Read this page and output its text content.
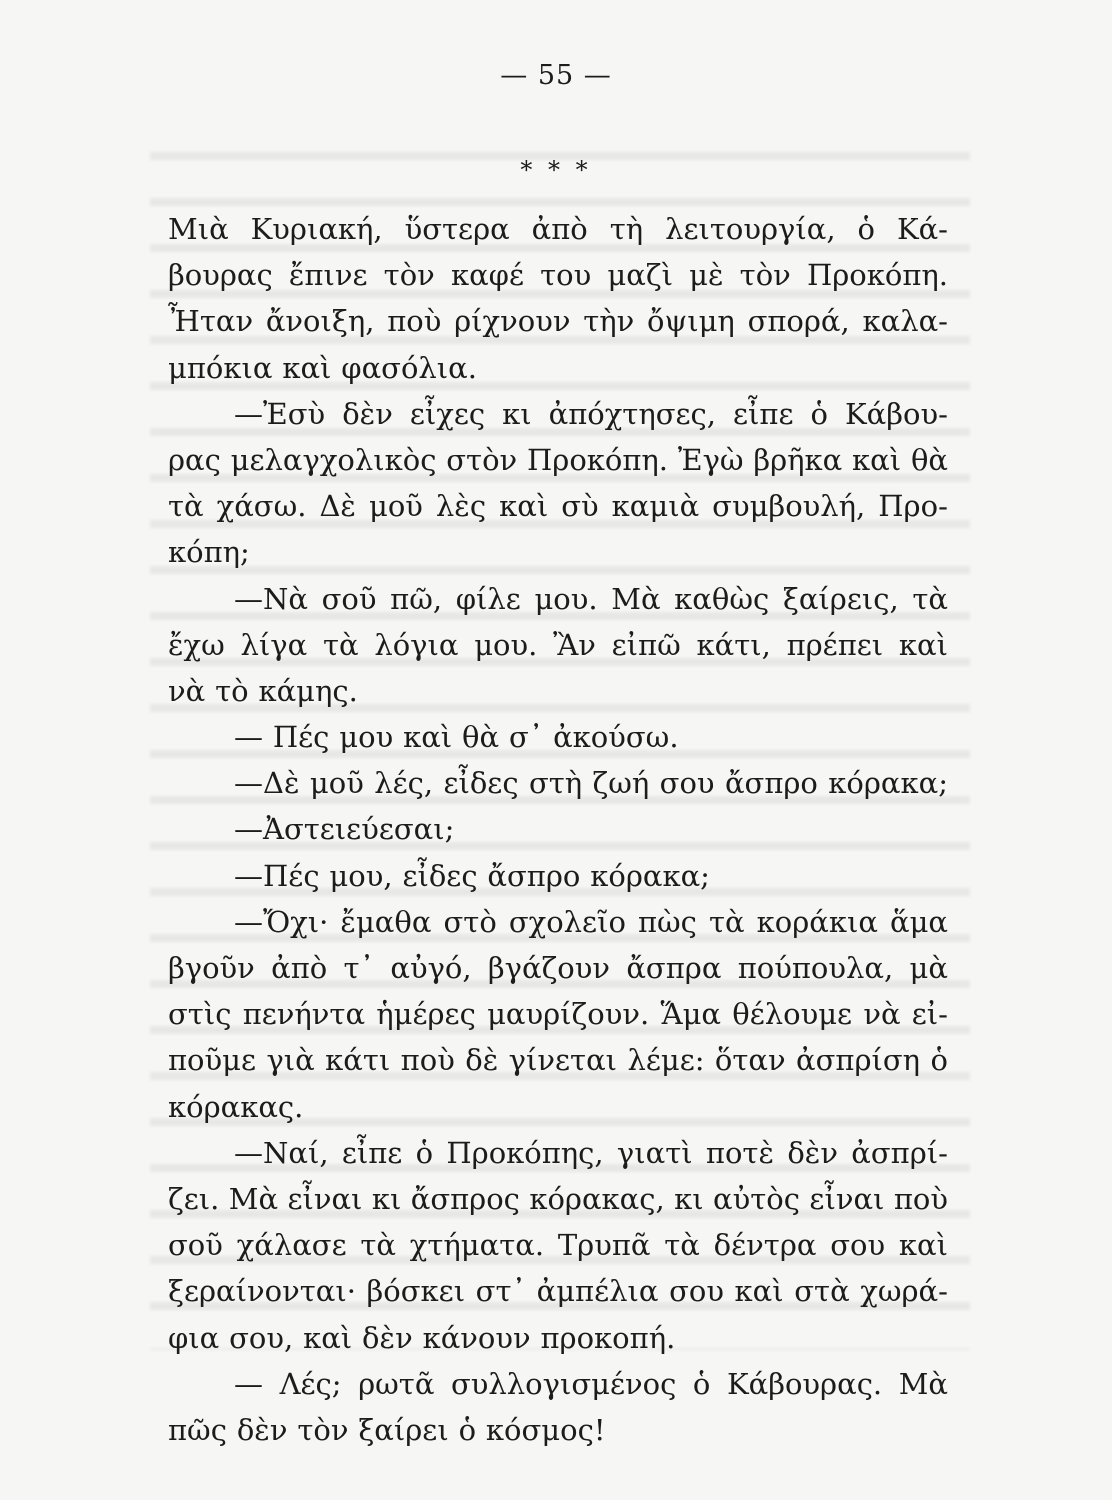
— 55 —
* * *
Μιὰ Κυριακή, ὕστερα ἀπὸ τὴ λειτουργία, ὁ Κά-
βουρας ἔπινε τὸν καφέ του μαζὶ μὲ τὸν Προκόπη.
Ἦταν ἄνοιξη, ποὺ ρίχνουν τὴν ὄψιμη σπορά, καλα-
μπόκια καὶ φασόλια.
—Ἐσὺ δὲν εἶχες κι ἀπόχτησες, εἶπε ὁ Κάβου-
ρας μελαγχολικὸς στὸν Προκόπη. Ἐγὼ βρῆκα καὶ θὰ
τὰ χάσω. Δὲ μοῦ λὲς καὶ σὺ καμιὰ συμβουλή, Προ-
κόπη;
—Νὰ σοῦ πῶ, φίλε μου. Μὰ καθὼς ξαίρεις, τὰ
ἔχω λίγα τὰ λόγια μου. Ἂν εἰπῶ κάτι, πρέπει καὶ
νὰ τὸ κάμης.
— Πές μου καὶ θὰ σ᾿ ἀκούσω.
—Δὲ μοῦ λές, εἶδες στὴ ζωή σου ἄσπρο κόρακα;
—Ἀστειεύεσαι;
—Πές μου, εἶδες ἄσπρο κόρακα;
—Ὄχι· ἔμαθα στὸ σχολεῖο πὼς τὰ κοράκια ἅμα
βγοῦν ἀπὸ τ᾿ αὐγό, βγάζουν ἄσπρα πούπουλα, μὰ
στὶς πενήντα ἡμέρες μαυρίζουν. Ἅμα θέλουμε νὰ εἰ-
ποῦμε γιὰ κάτι ποὺ δὲ γίνεται λέμε: ὅταν ἀσπρίση ὁ
κόρακας.
—Ναί, εἶπε ὁ Προκόπης, γιατὶ ποτὲ δὲν ἀσπρί-
ζει. Μὰ εἶναι κι ἄσπρος κόρακας, κι αὐτὸς εἶναι ποὺ
σοῦ χάλασε τὰ χτήματα. Τρυπᾶ τὰ δέντρα σου καὶ
ξεραίνονται· βόσκει στ᾿ ἀμπέλια σου καὶ στὰ χωρά-
φια σου, καὶ δὲν κάνουν προκοπή.
— Λές; ρωτᾶ συλλογισμένος ὁ Κάβουρας. Μὰ
πῶς δὲν τὸν ξαίρει ὁ κόσμος!
